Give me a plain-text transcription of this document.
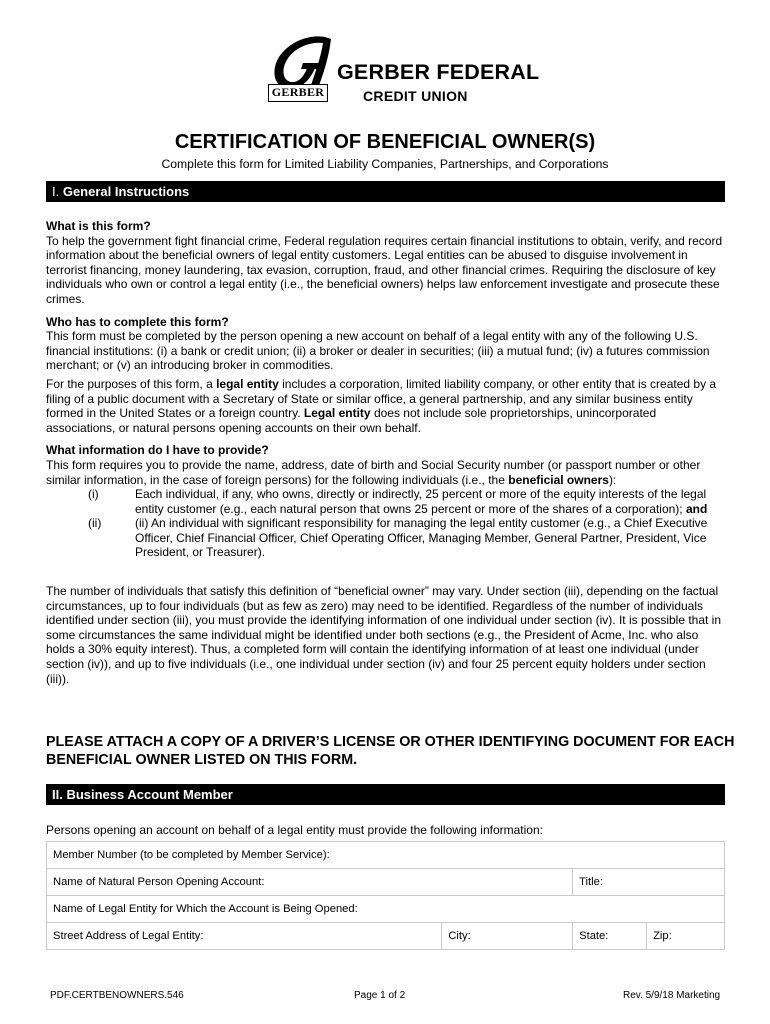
GERBER
GERBER FEDERAL
CREDIT UNION
CERTIFICATION OF BENEFICIAL OWNER(S)
Complete this form for Limited Liability Companies, Partnerships, and Corporations
I. General Instructions

What is this form?

To help the government fight financial crime, Federal regulation requires certain financial institutions to obtain, verify, and record information about the beneficial owners of legal entity customers. Legal entities can be abused to disguise involvement in terrorist financing, money laundering, tax evasion, corruption, fraud, and other financial crimes. Requiring the disclosure of key individuals who own or control a legal entity (i.e., the beneficial owners) helps law enforcement investigate and prosecute these crimes.

Who has to complete this form?

This form must be completed by the person opening a new account on behalf of a legal entity with any of the following U.S. financial institutions: (i) a bank or credit union; (ii) a broker or dealer in securities; (iii) a mutual fund; (iv) a futures commission merchant; or (v) an introducing broker in commodities.

For the purposes of this form, a legal entity includes a corporation, limited liability company, or other entity that is created by a filing of a public document with a Secretary of State or similar office, a general partnership, and any similar business entity formed in the United States or a foreign country. Legal entity does not include sole proprietorships, unincorporated associations, or natural persons opening accounts on their own behalf.

What information do I have to provide?

This form requires you to provide the name, address, date of birth and Social Security number (or passport number or other similar information, in the case of foreign persons) for the following individuals (i.e., the beneficial owners):

(i)	Each individual, if any, who owns, directly or indirectly, 25 percent or more of the equity interests of the legal entity customer (e.g., each natural person that owns 25 percent or more of the shares of a corporation); and
(ii)	(ii) An individual with significant responsibility for managing the legal entity customer (e.g., a Chief Executive Officer, Chief Financial Officer, Chief Operating Officer, Managing Member, General Partner, President, Vice President, or Treasurer).

The number of individuals that satisfy this definition of “beneficial owner” may vary. Under section (iii), depending on the factual circumstances, up to four individuals (but as few as zero) may need to be identified. Regardless of the number of individuals identified under section (iii), you must provide the identifying information of one individual under section (iv). It is possible that in some circumstances the same individual might be identified under both sections (e.g., the President of Acme, Inc. who also holds a 30% equity interest). Thus, a completed form will contain the identifying information of at least one individual (under section (iv)), and up to five individuals (i.e., one individual under section (iv) and four 25 percent equity holders under section (iii)).

PLEASE ATTACH A COPY OF A DRIVER’S LICENSE OR OTHER IDENTIFYING DOCUMENT FOR EACH BENEFICIAL OWNER LISTED ON THIS FORM.
II. Business Account Member
Persons opening an account on behalf of a legal entity must provide the following information:
Member Number (to be completed by Member Service):			
Name of Natural Person Opening Account:		Title:	
Name of Legal Entity for Which the Account is Being Opened:			
Street Address of Legal Entity:	City:	State:	Zip:
PDF.CERTBENOWNERS.546	Page 1 of 2	Rev. 5/9/18 Marketing
